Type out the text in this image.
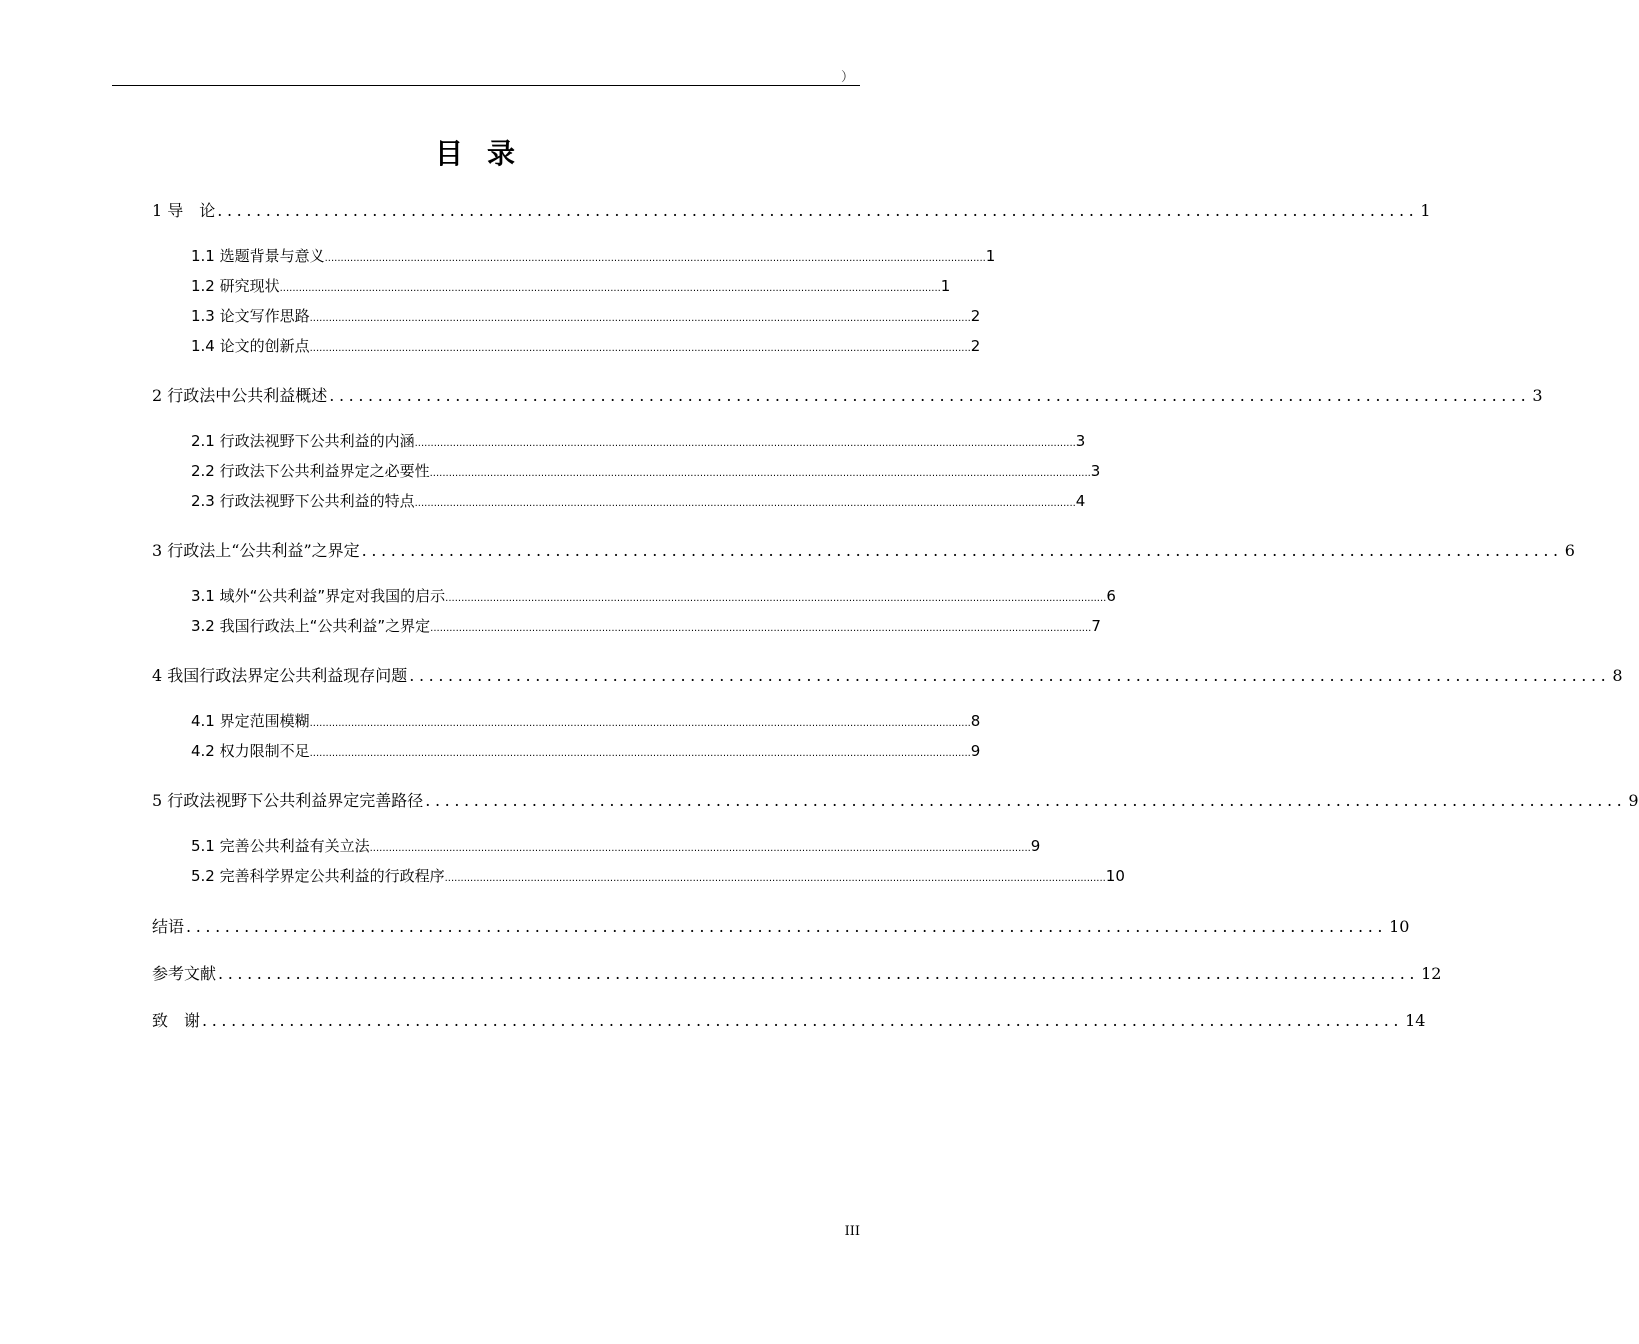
）
目录
1 导　论 ............................................................................................................................ 1
1.1 选题背景与意义 ................................................................................................................................................................................................................ 1
1.2 研究现状 ................................................................................................................................................................................................................ 1
1.3 论文写作思路 ................................................................................................................................................................................................................ 2
1.4 论文的创新点 ................................................................................................................................................................................................................ 2
2 行政法中公共利益概述 ............................................................................................................................ 3
2.1 行政法视野下公共利益的内涵 ................................................................................................................................................................................................................ 3
2.2 行政法下公共利益界定之必要性 ................................................................................................................................................................................................................ 3
2.3 行政法视野下公共利益的特点 ................................................................................................................................................................................................................ 4
3 行政法上“公共利益”之界定 ............................................................................................................................ 6
3.1 域外“公共利益”界定对我国的启示 ................................................................................................................................................................................................................ 6
3.2 我国行政法上“公共利益”之界定 ................................................................................................................................................................................................................ 7
4 我国行政法界定公共利益现存问题 ............................................................................................................................ 8
4.1 界定范围模糊 ................................................................................................................................................................................................................ 8
4.2 权力限制不足 ................................................................................................................................................................................................................ 9
5 行政法视野下公共利益界定完善路径 ............................................................................................................................ 9
5.1 完善公共利益有关立法 ................................................................................................................................................................................................................ 9
5.2 完善科学界定公共利益的行政程序 ................................................................................................................................................................................................................ 10
结语 ............................................................................................................................ 10
参考文献 ............................................................................................................................ 12
致　谢 ............................................................................................................................ 14
III
